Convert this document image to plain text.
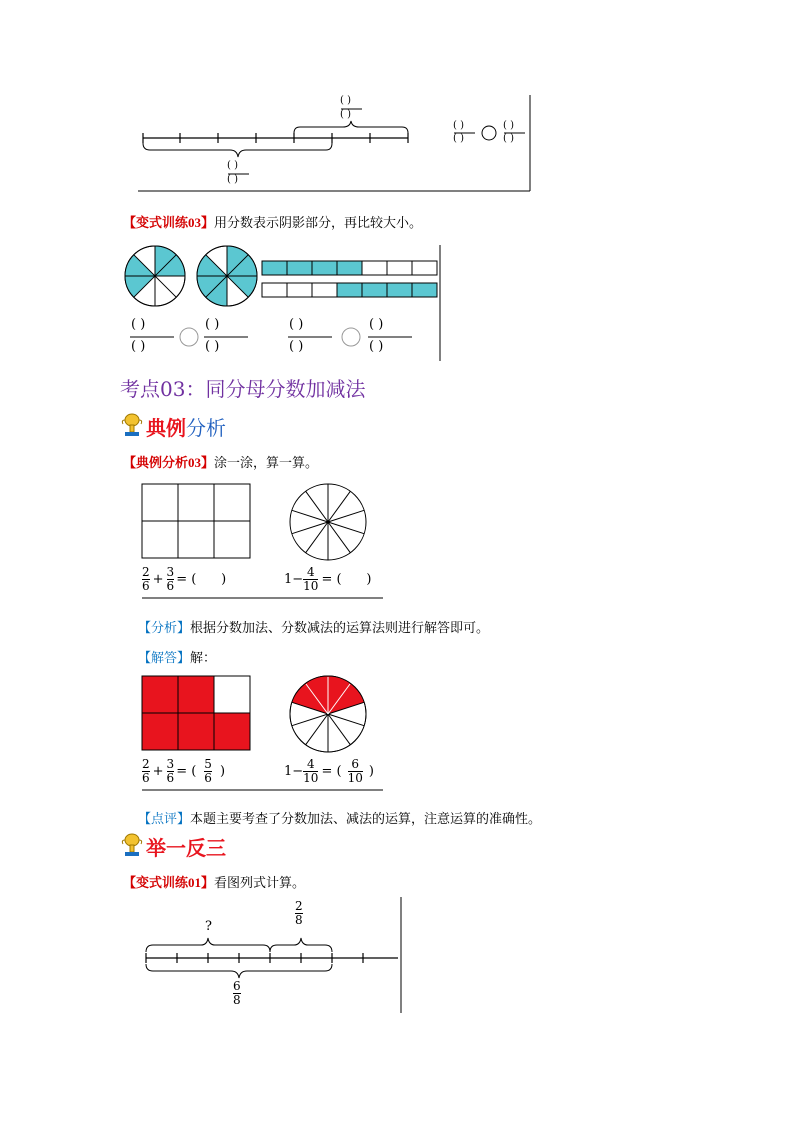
( )
( )
( )
( )
( )
( )
( )
( )
【变式训练03】用分数表示阴影部分，再比较大小。
( )
( )
( )
( )
( )
( )
( )
( )
考点03：同分母分数加减法
典例 分析
【典例分析03】涂一涂，算一算。
$\frac{2}{6} + \frac{3}{6}$ = (      )	$1- \frac{4}{10}$ = (      )
【分析】根据分数加法、分数减法的运算法则进行解答即可。
【解答】解：
$\frac{2}{6} + \frac{3}{6}$ = ( $\frac{5}{6}$ )	$1- \frac{4}{10}$ = ( $\frac{6}{10}$ )
【点评】本题主要考查了分数加法、减法的运算，注意运算的准确性。
举一反三
【变式训练01】看图列式计算。
?
2
8
6
8
